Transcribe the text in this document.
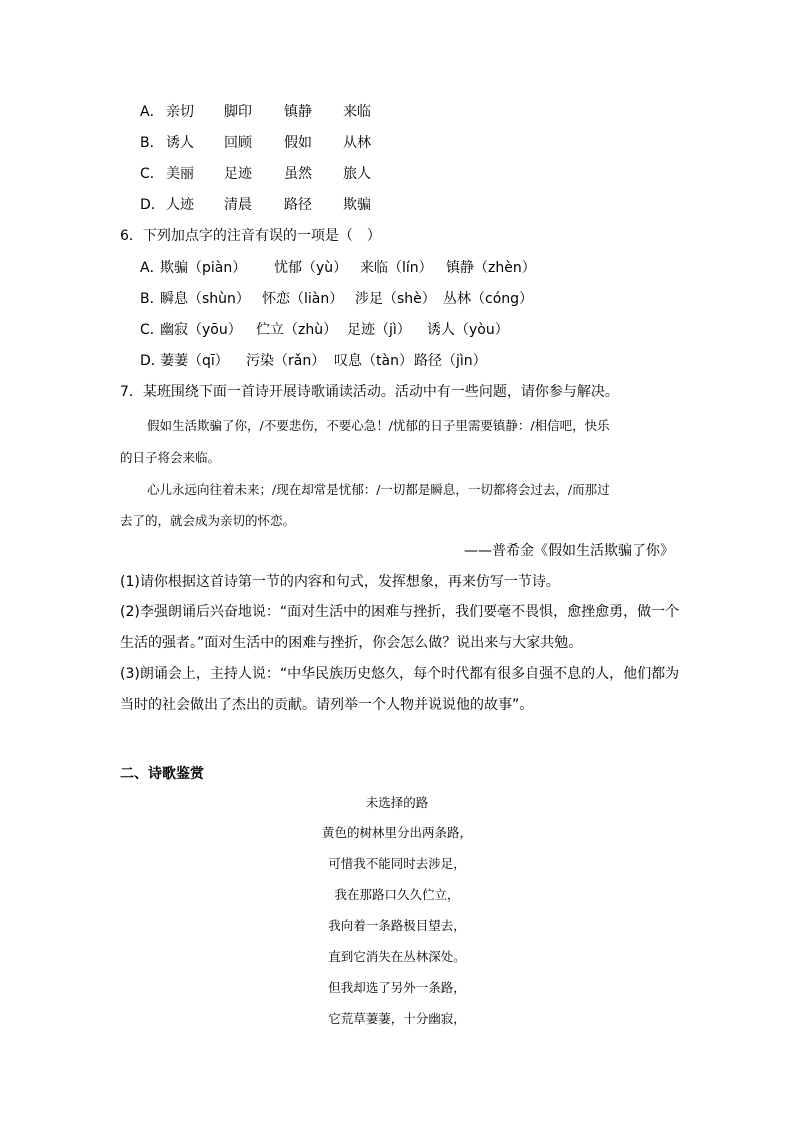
A． 亲切 脚印 镇静 来临
B． 诱人 回顾 假如 从林
C． 美丽 足迹 虽然 旅人
D．人迹 清晨 路径 欺骗
6．下列加点字的注音有误的一项是（　）
A．欺骗（piàn） 忧郁（yù） 来临（lín） 镇静（zhèn）
B．瞬息（shùn） 怀恋（liàn） 涉足（shè） 丛林（cóng）
C．幽寂（yōu） 伫立（zhù） 足迹（jì） 诱人（yòu）
D．萋萋（qī） 污染（rǎn） 叹息（tàn）路径（jìn）
7．某班围绕下面一首诗开展诗歌诵读活动。活动中有一些问题，请你参与解决。
假如生活欺骗了你，/不要悲伤，不要心急！/忧郁的日子里需要镇静：/相信吧，快乐
的日子将会来临。
心儿永远向往着未来；/现在却常是忧郁：/一切都是瞬息，一切都将会过去，/而那过
去了的，就会成为亲切的怀恋。
——普希金《假如生活欺骗了你》
(1)请你根据这首诗第一节的内容和句式，发挥想象，再来仿写一节诗。
(2)李强朗诵后兴奋地说：“面对生活中的困难与挫折，我们要毫不畏惧，愈挫愈勇，做一个
生活的强者。”面对生活中的困难与挫折，你会怎么做？说出来与大家共勉。
(3)朗诵会上，主持人说：“中华民族历史悠久，每个时代都有很多自强不息的人，他们都为
当时的社会做出了杰出的贡献。请列举一个人物并说说他的故事”。
二、诗歌鉴赏
未选择的路
黄色的树林里分出两条路，
可惜我不能同时去涉足，
我在那路口久久伫立，
我向着一条路极目望去，
直到它消失在丛林深处。
但我却选了另外一条路，
它荒草萋萋，十分幽寂，
